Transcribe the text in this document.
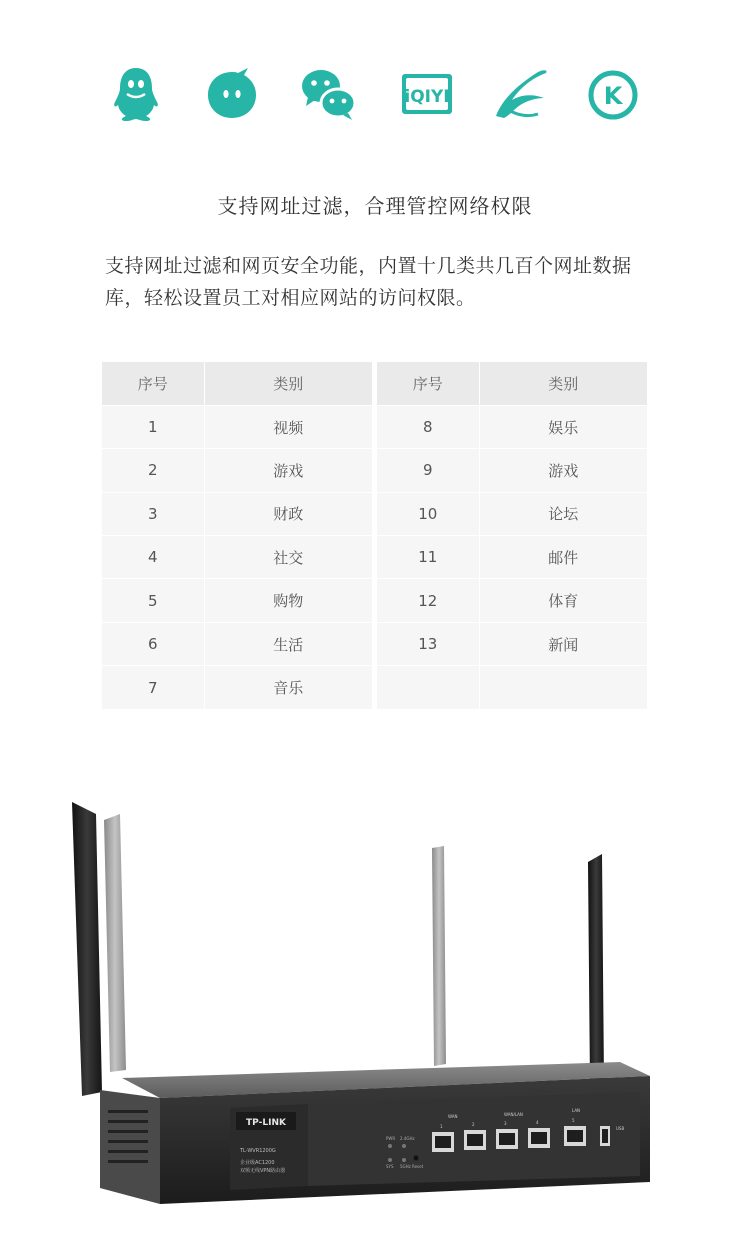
iQIYI	K
支持网址过滤，合理管控网络权限
支持网址过滤和网页安全功能，内置十几类共几百个网址数据库，轻松设置员工对相应网站的访问权限。
序号	类别
1	视频
2	游戏
3	财政
4	社交
5	购物
6	生活
7	音乐
序号	类别
8	娱乐
9	游戏
10	论坛
11	邮件
12	体育
13	新闻

TP-LINK
TL-WVR1200G
企业级AC1200
双频无线VPN路由器
PWR 2.4GHz
SYS 5GHz Reset
WAN	WAN/LAN
LAN
USB
1	2	3	4	5
